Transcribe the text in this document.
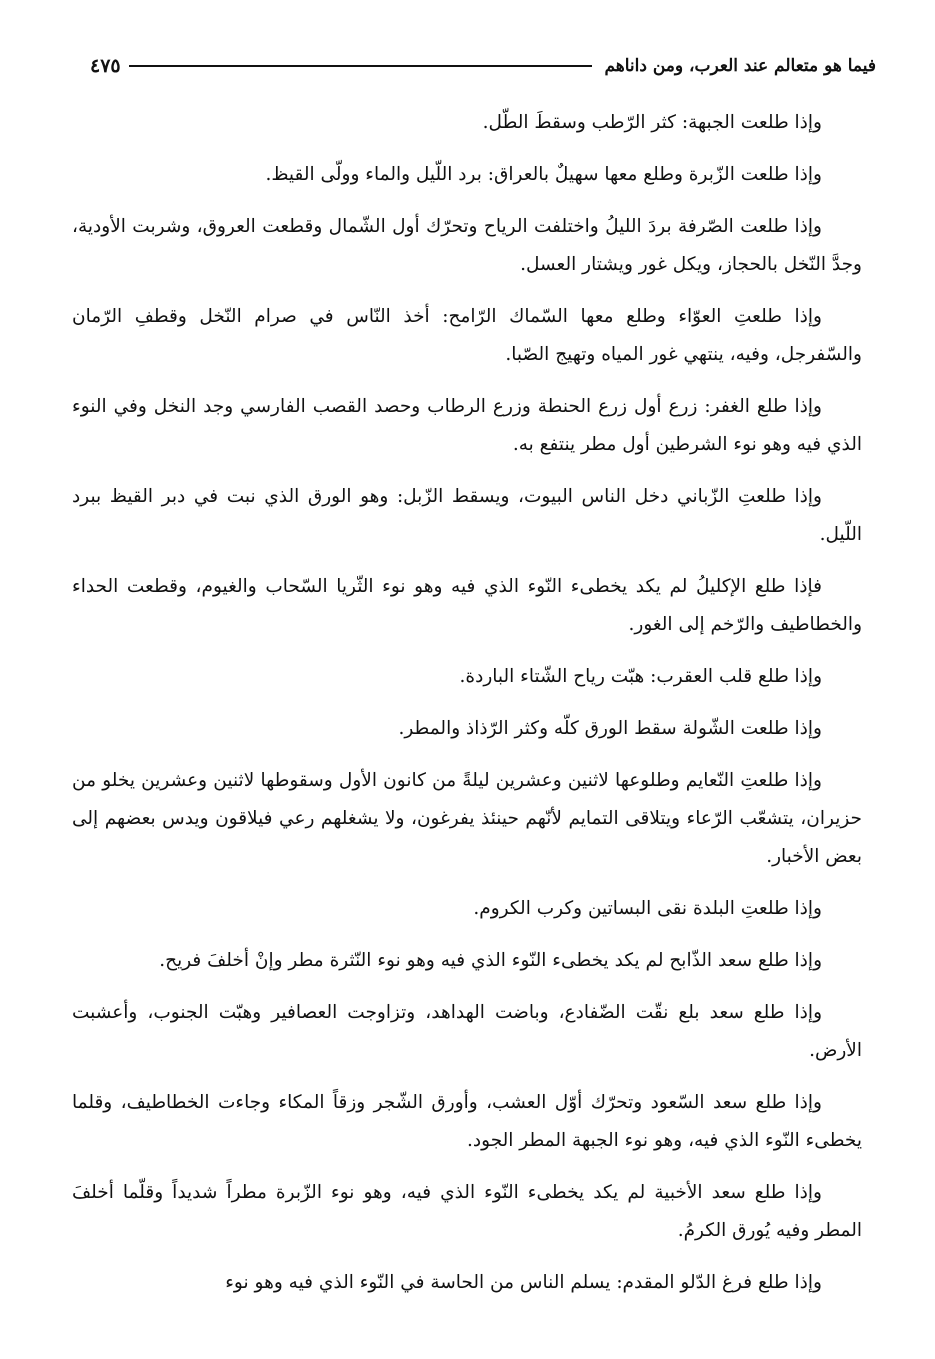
فيما هو متعالم عند العرب، ومن داناهم
٤٧٥

وإذا طلعت الجبهة: كثر الرّطب وسقطَ الطّل.

وإذا طلعت الزّبرة وطلع معها سهيلٌ بالعراق: برد اللّيل والماء وولّى القيظ.

وإذا طلعت الصّرفة بردَ الليلُ واختلفت الرياح وتحرّك أول الشّمال وقطعت العروق، وشربت الأودية، وجدَّ النّخل بالحجاز، ويكل غور ويشتار العسل.

وإذا طلعتِ العوّاء وطلع معها السّماك الرّامح: أخذ النّاس في صرام النّخل وقطفِ الرّمان والسّفرجل، وفيه، ينتهي غور المياه وتهيج الصّبا.

وإذا طلع الغفر: زرع أول زرع الحنطة وزرع الرطاب وحصد القصب الفارسي وجد النخل وفي النوء الذي فيه وهو نوء الشرطين أول مطر ينتفع به.

وإذا طلعتِ الزّباني دخل الناس البيوت، ويسقط الزّبل: وهو الورق الذي نبت في دبر القيظ ببرد اللّيل.

فإذا طلع الإكليلُ لم يكد يخطىء النّوء الذي فيه وهو نوء الثّريا السّحاب والغيوم، وقطعت الحداء والخطاطيف والرّخم إلى الغور.

وإذا طلع قلب العقرب: هبّت رياح الشّتاء الباردة.

وإذا طلعت الشّولة سقط الورق كلّه وكثر الرّذاذ والمطر.

وإذا طلعتِ النّعايم وطلوعها لاثنين وعشرين ليلةً من كانون الأول وسقوطها لاثنين وعشرين يخلو من حزيران، يتشعّب الرّعاء ويتلاقى التمايم لأنّهم حينئذ يفرغون، ولا يشغلهم رعي فيلاقون ويدس بعضهم إلى بعض الأخبار.

وإذا طلعتِ البلدة نقى البساتين وكرب الكروم.

وإذا طلع سعد الذّابح لم يكد يخطىء النّوء الذي فيه وهو نوء النّثرة مطر وإنْ أخلفَ فريح.

وإذا طلع سعد بلع نقّت الضّفادع، وباضت الهداهد، وتزاوجت العصافير وهبّت الجنوب، وأعشبت الأرض.

وإذا طلع سعد السّعود وتحرّك أوّل العشب، وأورق الشّجر وزقاً المكاء وجاءت الخطاطيف، وقلما يخطىء النّوء الذي فيه، وهو نوء الجبهة المطر الجود.

وإذا طلع سعد الأخبية لم يكد يخطىء النّوء الذي فيه، وهو نوء الزّبرة مطراً شديداً وقلّما أخلفَ المطر وفيه يُورق الكرمُ.

وإذا طلع فرغ الدّلو المقدم: يسلم الناس من الحاسة في النّوء الذي فيه وهو نوء
